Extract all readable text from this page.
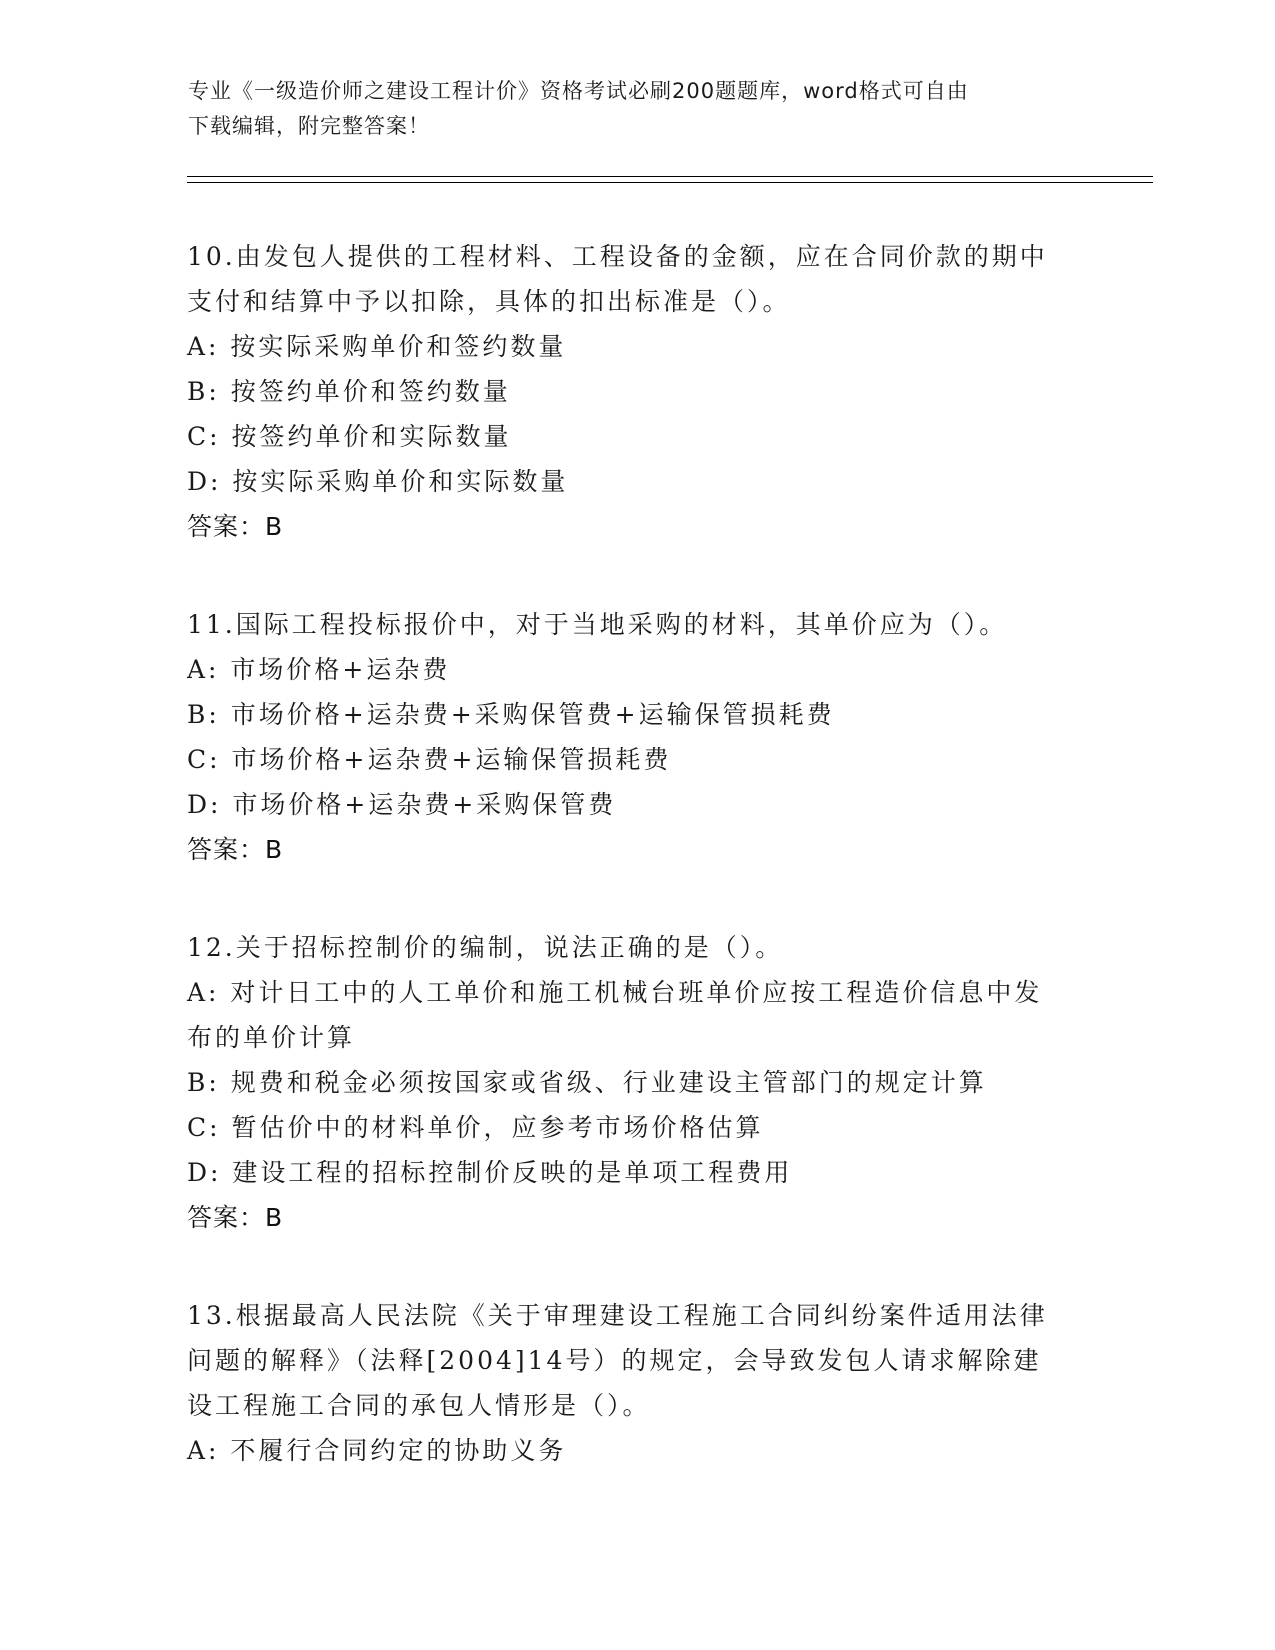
专业《一级造价师之建设工程计价》资格考试必刷200题题库，word格式可自由
下载编辑，附完整答案！

10.由发包人提供的工程材料、工程设备的金额，应在合同价款的期中

支付和结算中予以扣除，具体的扣出标准是（）。

A: 按实际采购单价和签约数量

B: 按签约单价和签约数量

C: 按签约单价和实际数量

D: 按实际采购单价和实际数量

答案：B

11.国际工程投标报价中，对于当地采购的材料，其单价应为（）。

A: 市场价格+运杂费

B: 市场价格+运杂费+采购保管费+运输保管损耗费

C: 市场价格+运杂费+运输保管损耗费

D: 市场价格+运杂费+采购保管费

答案：B

12.关于招标控制价的编制，说法正确的是（）。

A: 对计日工中的人工单价和施工机械台班单价应按工程造价信息中发

布的单价计算

B: 规费和税金必须按国家或省级、行业建设主管部门的规定计算

C: 暂估价中的材料单价，应参考市场价格估算

D: 建设工程的招标控制价反映的是单项工程费用

答案：B

13.根据最高人民法院《关于审理建设工程施工合同纠纷案件适用法律

问题的解释》（法释[2004]14号）的规定，会导致发包人请求解除建

设工程施工合同的承包人情形是（）。

A: 不履行合同约定的协助义务
